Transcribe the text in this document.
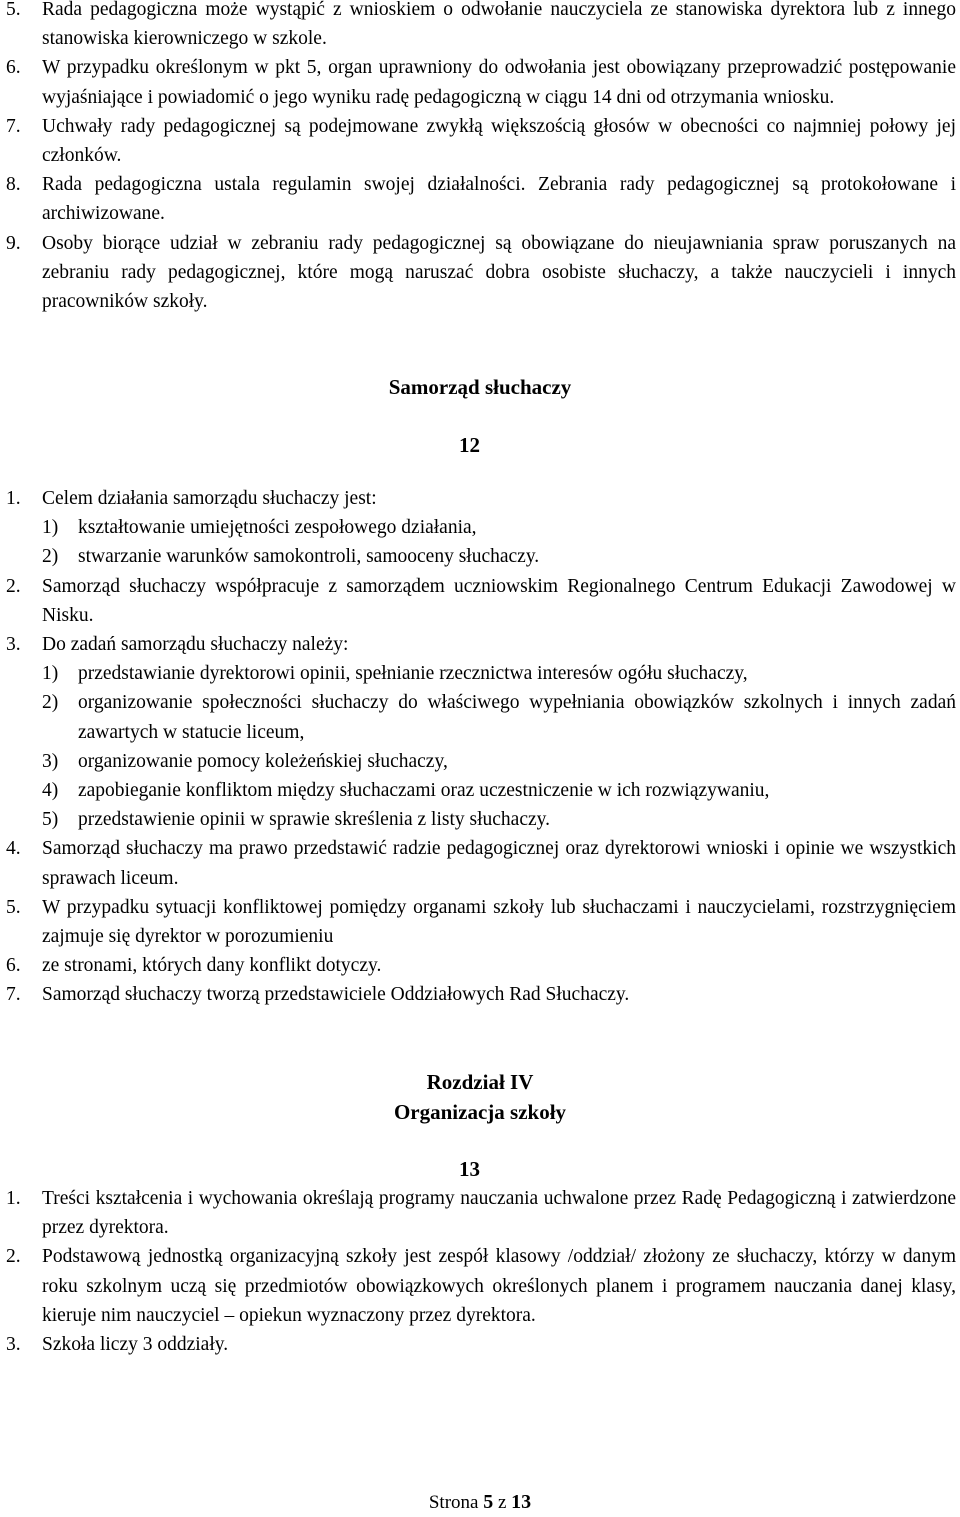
5. Rada pedagogiczna może wystąpić z wnioskiem o odwołanie nauczyciela ze stanowiska dyrektora lub z innego stanowiska kierowniczego w szkole.
6. W przypadku określonym w pkt 5, organ uprawniony do odwołania jest obowiązany przeprowadzić postępowanie wyjaśniające i powiadomić o jego wyniku radę pedagogiczną w ciągu 14 dni od otrzymania wniosku.
7. Uchwały rady pedagogicznej są podejmowane zwykłą większością głosów w obecności co najmniej połowy jej członków.
8. Rada pedagogiczna ustala regulamin swojej działalności. Zebrania rady pedagogicznej są protokołowane i archiwizowane.
9. Osoby biorące udział w zebraniu rady pedagogicznej są obowiązane do nieujawniania spraw poruszanych na zebraniu rady pedagogicznej, które mogą naruszać dobra osobiste słuchaczy, a także nauczycieli i innych pracowników szkoły.
Samorząd słuchaczy
12
1. Celem działania samorządu słuchaczy jest:
1) kształtowanie umiejętności zespołowego działania,
2) stwarzanie warunków samokontroli, samooceny słuchaczy.
2. Samorząd słuchaczy współpracuje z samorządem uczniowskim Regionalnego Centrum Edukacji Zawodowej w Nisku.
3. Do zadań samorządu słuchaczy należy:
1) przedstawianie dyrektorowi opinii, spełnianie rzecznictwa interesów ogółu słuchaczy,
2) organizowanie społeczności słuchaczy do właściwego wypełniania obowiązków szkolnych i innych zadań zawartych w statucie liceum,
3) organizowanie pomocy koleżeńskiej słuchaczy,
4) zapobieganie konfliktom między słuchaczami oraz uczestniczenie w ich rozwiązywaniu,
5) przedstawienie opinii w sprawie skreślenia z listy słuchaczy.
4. Samorząd słuchaczy ma prawo przedstawić radzie pedagogicznej oraz dyrektorowi wnioski i opinie we wszystkich sprawach liceum.
5. W przypadku sytuacji konfliktowej pomiędzy organami szkoły lub słuchaczami i nauczycielami, rozstrzygnięciem zajmuje się dyrektor w porozumieniu
6. ze stronami, których dany konflikt dotyczy.
7. Samorząd słuchaczy tworzą przedstawiciele Oddziałowych Rad Słuchaczy.
Rozdział IV
Organizacja szkoły
13
1. Treści kształcenia i wychowania określają programy nauczania uchwalone przez Radę Pedagogiczną i zatwierdzone przez dyrektora.
2. Podstawową jednostką organizacyjną szkoły jest zespół klasowy /oddział/ złożony ze słuchaczy, którzy w danym roku szkolnym uczą się przedmiotów obowiązkowych określonych planem i programem nauczania danej klasy, kieruje nim nauczyciel – opiekun wyznaczony przez dyrektora.
3. Szkoła liczy 3 oddziały.
Strona 5 z 13
